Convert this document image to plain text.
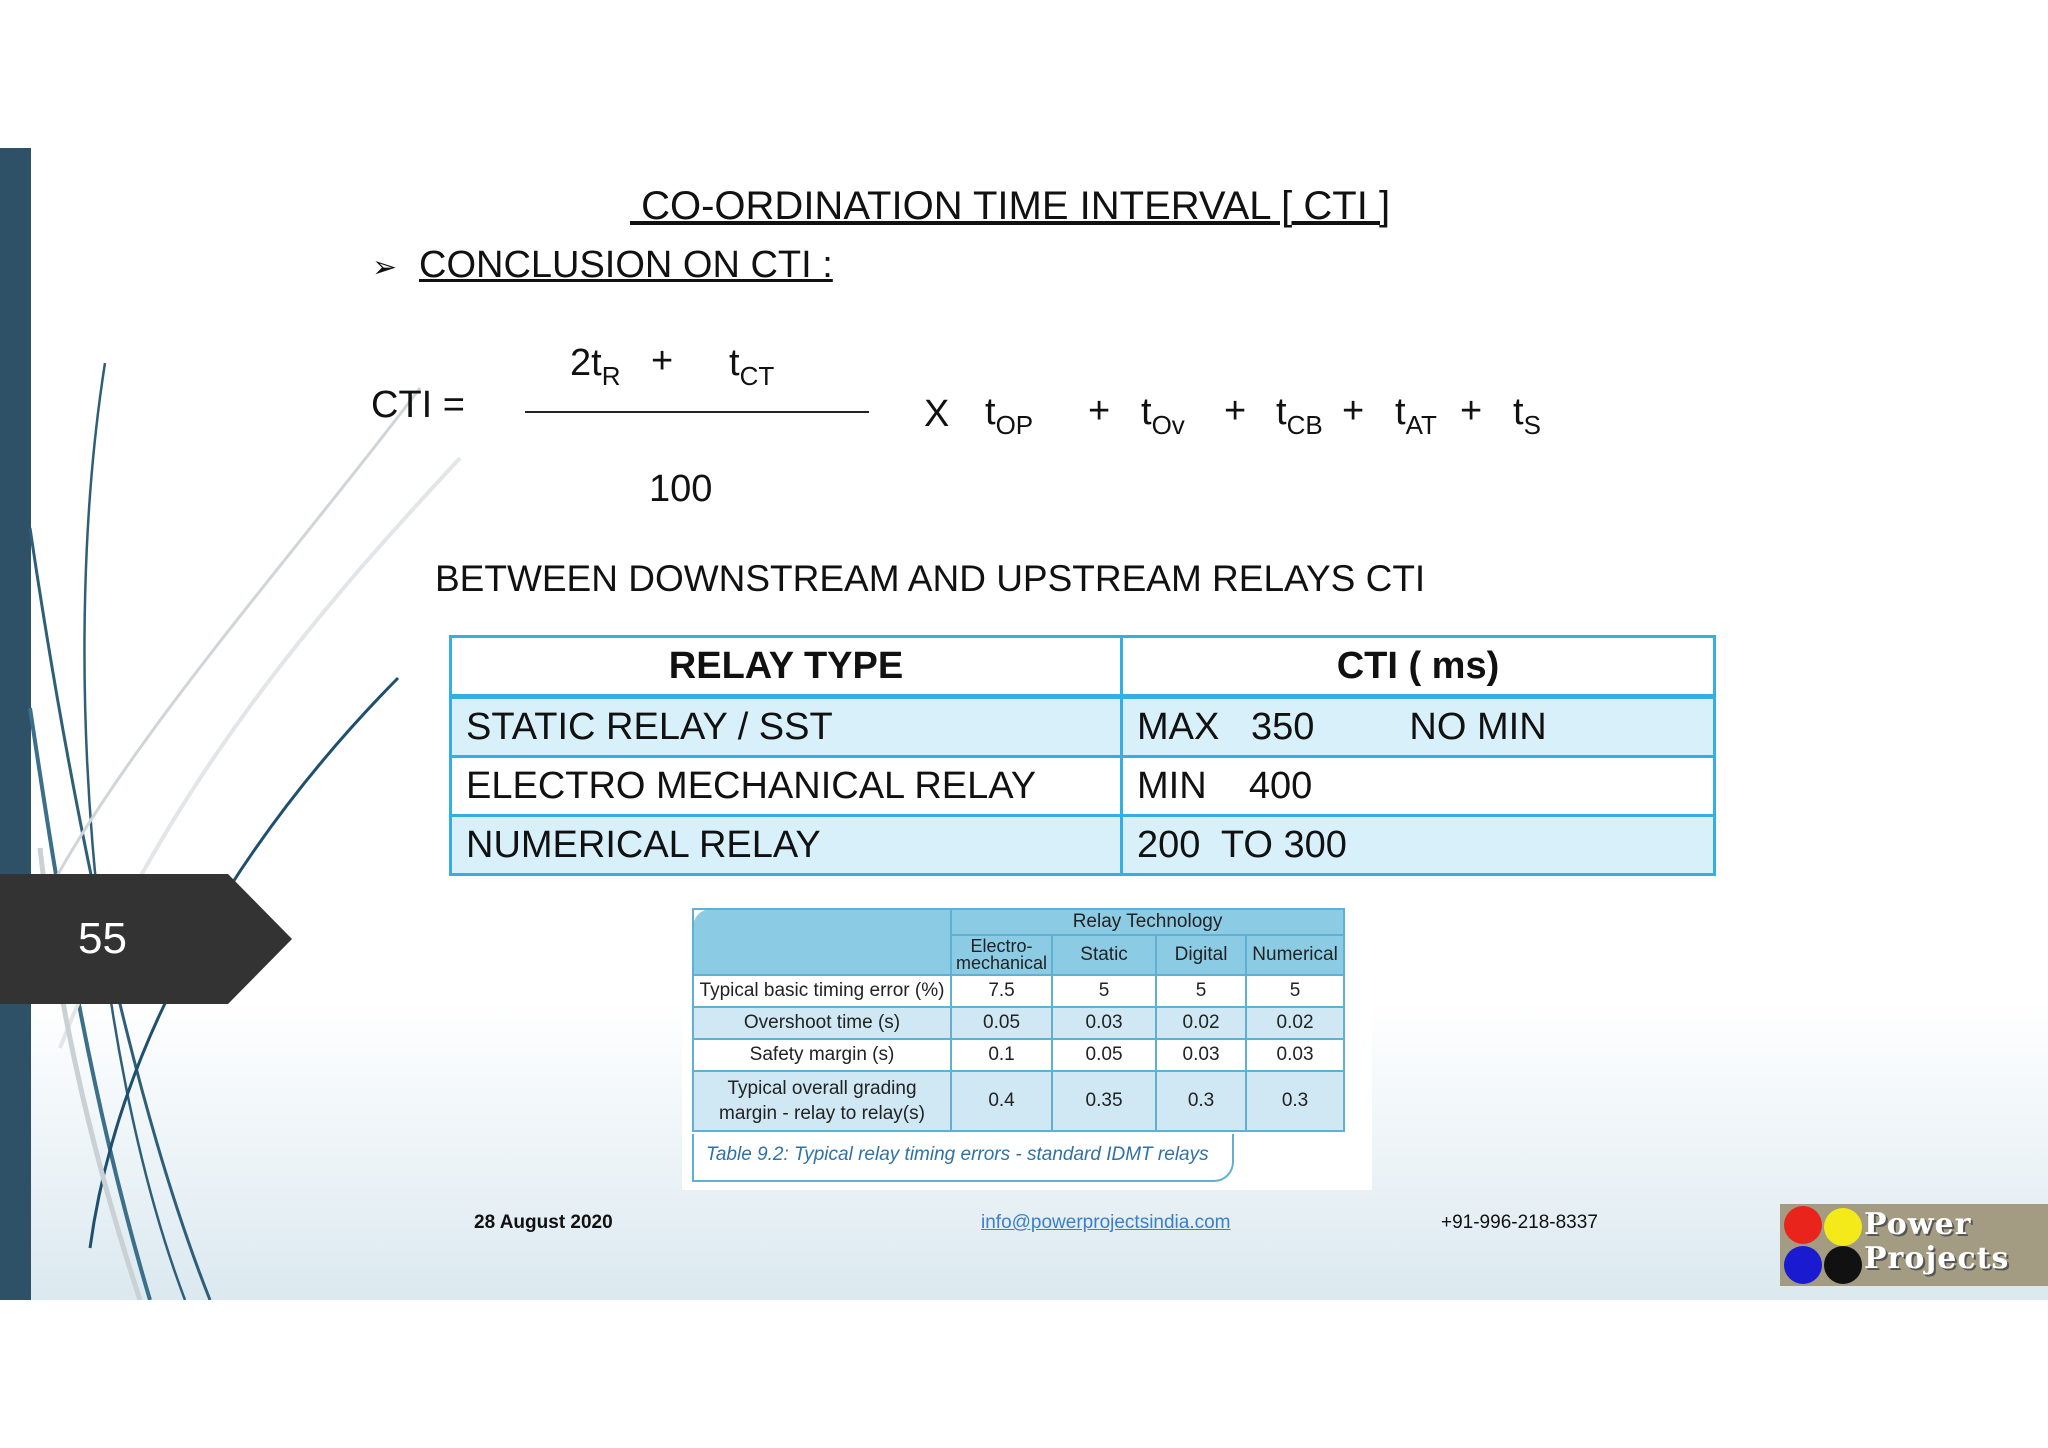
55
CO-ORDINATION TIME INTERVAL [ CTI ]
➢ CONCLUSION ON CTI :
CTI =
$2t_R + t_{CT}$
100
X $t_{OP} + t_{Ov} + t_{CB} + t_{AT} + t_S$
BETWEEN DOWNSTREAM AND UPSTREAM RELAYS CTI
RELAY TYPE	CTI ( ms)
STATIC RELAY / SST	MAX   350         NO MIN
ELECTRO MECHANICAL RELAY	MIN    400
NUMERICAL RELAY	200  TO 300
	Relay Technology			
	Electro-mechanical	Static	Digital	Numerical
Typical basic timing error (%)	7.5	5	5	5
Overshoot time (s)	0.05	0.03	0.02	0.02
Safety margin (s)	0.1	0.05	0.03	0.03
Typical overall grading margin - relay to relay(s)	0.4	0.35	0.3	0.3
Table 9.2: Typical relay timing errors - standard IDMT relays
28 August 2020	info@powerprojectsindia.com	+91-996-218-8337	Power
Projects
